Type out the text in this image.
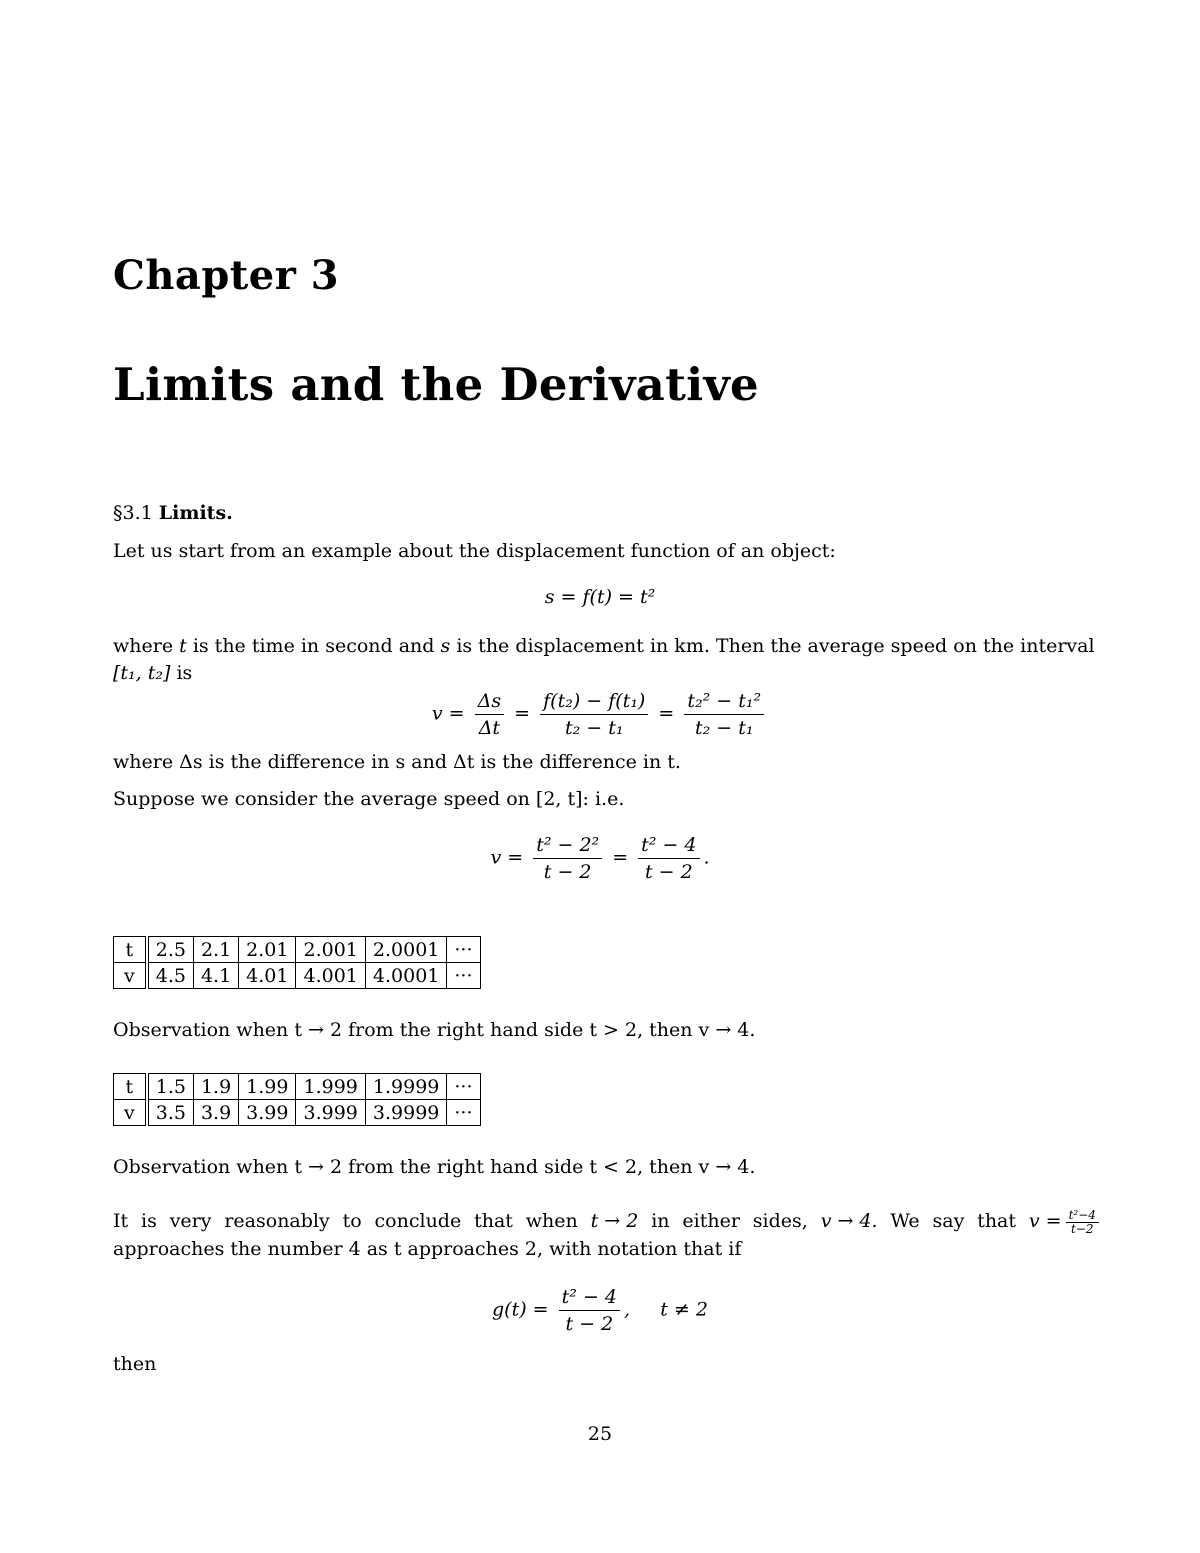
Chapter 3
Limits and the Derivative
§3.1 Limits.
Let us start from an example about the displacement function of an object:
s = f(t) = t²
where t is the time in second and s is the displacement in km. Then the average speed on the interval [t₁, t₂] is
$v = \frac{\Delta s}{\Delta t} = \frac{\text{f(t₂) − f(t₁)}}{\text{t₂ − t₁}} = \frac{\text{t₂² − t₁²}}{\text{t₂ − t₁}}$
where Δs is the difference in s and Δt is the difference in t.
Suppose we consider the average speed on [2, t]: i.e.
$v = \frac{\text{t² − 2²}}{t - 2} = \frac{\text{t² − 4}}{t - 2}$ .
t	2.5	2.1	2.01	2.001	2.0001	···
v	4.5	4.1	4.01	4.001	4.0001	···
Observation when t → 2 from the right hand side t > 2, then v → 4.
t	1.5	1.9	1.99	1.999	1.9999	···
v	3.5	3.9	3.99	3.999	3.9999	···
Observation when t → 2 from the right hand side t < 2, then v → 4.
It is very reasonably to conclude that when t → 2 in either sides, v → 4. We say that $v = \frac{\text{t²−4}}{t-2}$
approaches the number 4 as t approaches 2, with notation that if
$g(t) = \frac{\text{t² − 4}}{t - 2}$ ,     t ≠ 2
then
25
